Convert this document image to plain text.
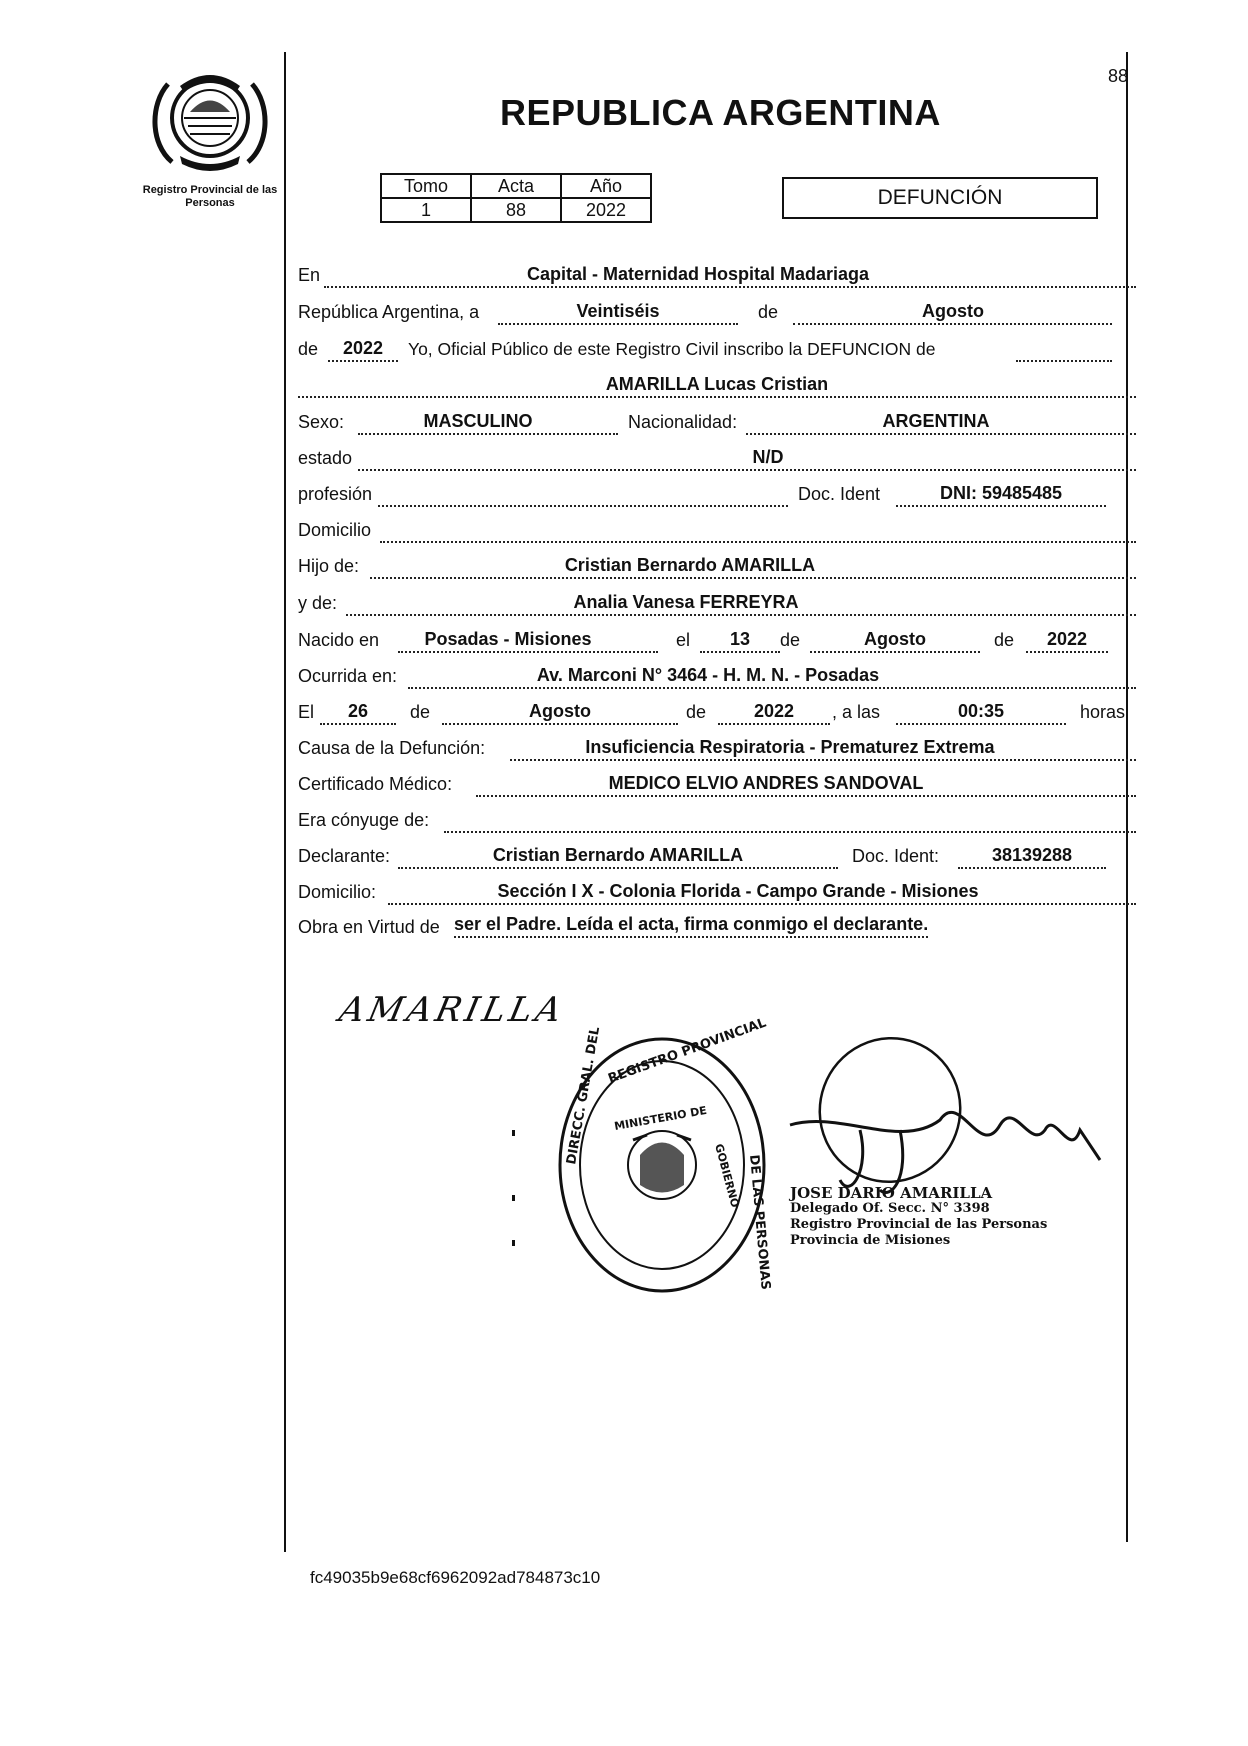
Registro Provincial de las Personas
88
REPUBLICA ARGENTINA
Tomo	Acta	Año
1	88	2022
DEFUNCIÓN
En	Capital - Maternidad Hospital Madariaga
República Argentina, a	Veintiséis	de	Agosto
de	2022	Yo, Oficial Público de este Registro Civil inscribo la DEFUNCION de
AMARILLA Lucas Cristian
Sexo:	MASCULINO	Nacionalidad:	ARGENTINA
estado	N/D
profesión	Doc. Ident	DNI: 59485485
Domicilio
Hijo de:	Cristian Bernardo AMARILLA
y de:	Analia Vanesa FERREYRA
Nacido en	Posadas - Misiones	el	13	de	Agosto	de	2022
Ocurrida en:	Av. Marconi N° 3464 - H. M. N. - Posadas
El	26	de	Agosto	de	2022	, a las	00:35	horas
Causa de la Defunción:	Insuficiencia Respiratoria - Prematurez Extrema
Certificado Médico:	MEDICO ELVIO ANDRES SANDOVAL
Era cónyuge de:
Declarante:	Cristian Bernardo AMARILLA	Doc. Ident:	38139288
Domicilio:	Sección I X - Colonia Florida - Campo Grande - Misiones
Obra en Virtud de ser el Padre. Leída el acta, firma conmigo el declarante.
AMARILLA
DIRECC. GRAL. DEL REGISTRO PROVINCIAL
MINISTERIO DE
GOBIERNO DE LAS PERSONAS JOSE DARIO AMARILLA
Delegado Of. Secc. N° 3398
Registro Provincial de las Personas
Provincia de Misiones
fc49035b9e68cf6962092ad784873c10
